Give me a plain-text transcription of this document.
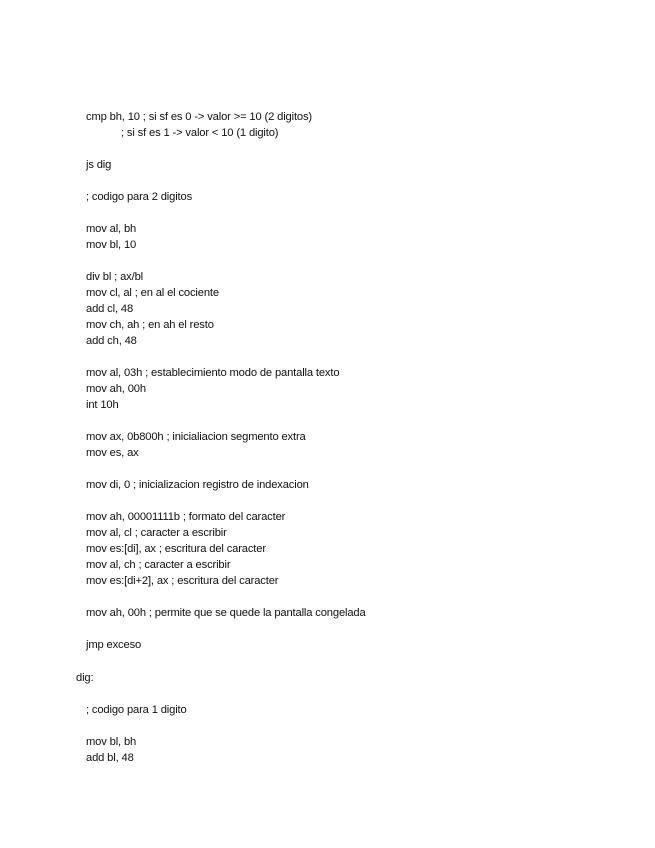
cmp bh, 10 ; si sf es 0 -> valor >= 10 (2 digitos)
; si sf es 1 -> valor < 10 (1 digito)
js dig
; codigo para 2 digitos
mov al, bh
mov bl, 10
div bl ; ax/bl
mov cl, al ; en al el cociente
add cl, 48
mov ch, ah ; en ah el resto
add ch, 48
mov al, 03h ; establecimiento modo de pantalla texto
mov ah, 00h
int 10h
mov ax, 0b800h ; inicialiacion segmento extra
mov es, ax
mov di, 0 ; inicializacion registro de indexacion
mov ah, 00001111b ; formato del caracter
mov al, cl ; caracter a escribir
mov es:[di], ax ; escritura del caracter
mov al, ch ; caracter a escribir
mov es:[di+2], ax ; escritura del caracter
mov ah, 00h ; permite que se quede la pantalla congelada
jmp exceso
dig:
; codigo para 1 digito
mov bl, bh
add bl, 48
